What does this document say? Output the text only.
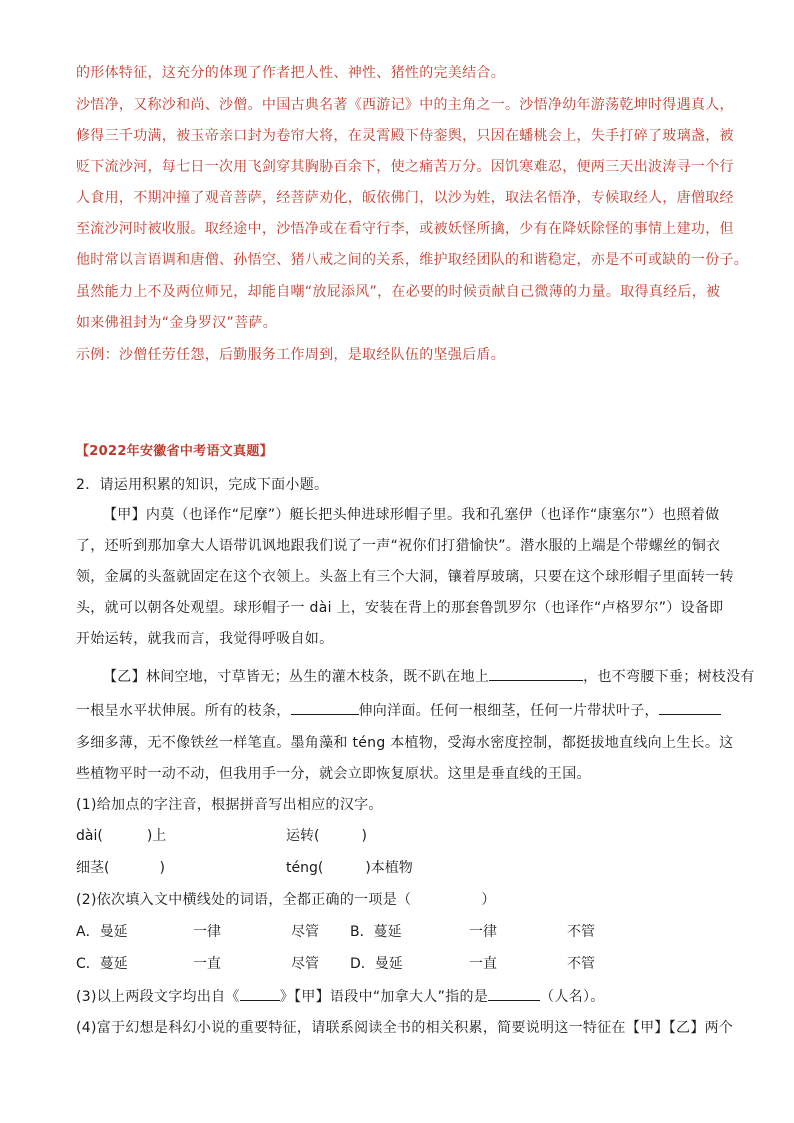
的形体特征，这充分的体现了作者把人性、神性、猪性的完美结合。
沙悟净，又称沙和尚、沙僧。中国古典名著《西游记》中的主角之一。沙悟净幼年游荡乾坤时得遇真人，
修得三千功满，被玉帝亲口封为卷帘大将，在灵霄殿下侍銮舆，只因在蟠桃会上，失手打碎了玻璃盏，被
贬下流沙河，每七日一次用飞剑穿其胸胁百余下，使之痛苦万分。因饥寒难忍，便两三天出波涛寻一个行
人食用，不期冲撞了观音菩萨，经菩萨劝化，皈依佛门，以沙为姓，取法名悟净，专候取经人，唐僧取经
至流沙河时被收服。取经途中，沙悟净或在看守行李，或被妖怪所擒，少有在降妖除怪的事情上建功，但
他时常以言语调和唐僧、孙悟空、猪八戒之间的关系，维护取经团队的和谐稳定，亦是不可或缺的一份子。
虽然能力上不及两位师兄，却能自嘲“放屁添风”，在必要的时候贡献自己微薄的力量。取得真经后，被
如来佛祖封为“金身罗汉”菩萨。
示例：沙僧任劳任怨，后勤服务工作周到，是取经队伍的坚强后盾。
【2022年安徽省中考语文真题】
2．请运用积累的知识，完成下面小题。
【甲】内莫（也译作“尼摩”）艇长把头伸进球形帽子里。我和孔塞伊（也译作“康塞尔”）也照着做
了，还听到那加拿大人语带讥讽地跟我们说了一声“祝你们打猎愉快”。潜水服的上端是个带螺丝的铜衣
领，金属的头盔就固定在这个衣领上。头盔上有三个大洞，镶着厚玻璃，只要在这个球形帽子里面转一转
头，就可以朝各处观望。球形帽子一 dài 上，安装在背上的那套鲁凯罗尔（也译作“卢格罗尔”）设备即
开始运转，就我而言，我觉得呼吸自如。
【乙】林间空地，寸草皆无；丛生的灌木枝条，既不趴在地上	，也不弯腰下垂；树枝没有
一根呈水平状伸展。所有的枝条，	伸向洋面。任何一根细茎，任何一片带状叶子，
多细多薄，无不像铁丝一样笔直。墨角藻和 téng 本植物，受海水密度控制，都挺拔地直线向上生长。这
些植物平时一动不动，但我用手一分，就会立即恢复原状。这里是垂直线的王国。
(1)给加点的字注音，根据拼音写出相应的汉字。
dài(	)上	运转(	)
细茎(	)	téng(	)本植物
(2)依次填入文中横线处的词语，全都正确的一项是（	）
A．曼延	一律	尽管 B．蔓延	一律	不管
C．蔓延	一直	尽管 D．曼延	一直	不管
(3)以上两段文字均出自《	》【甲】语段中“加拿大人”指的是	（人名）。
(4)富于幻想是科幻小说的重要特征，请联系阅读全书的相关积累，简要说明这一特征在【甲】【乙】两个
